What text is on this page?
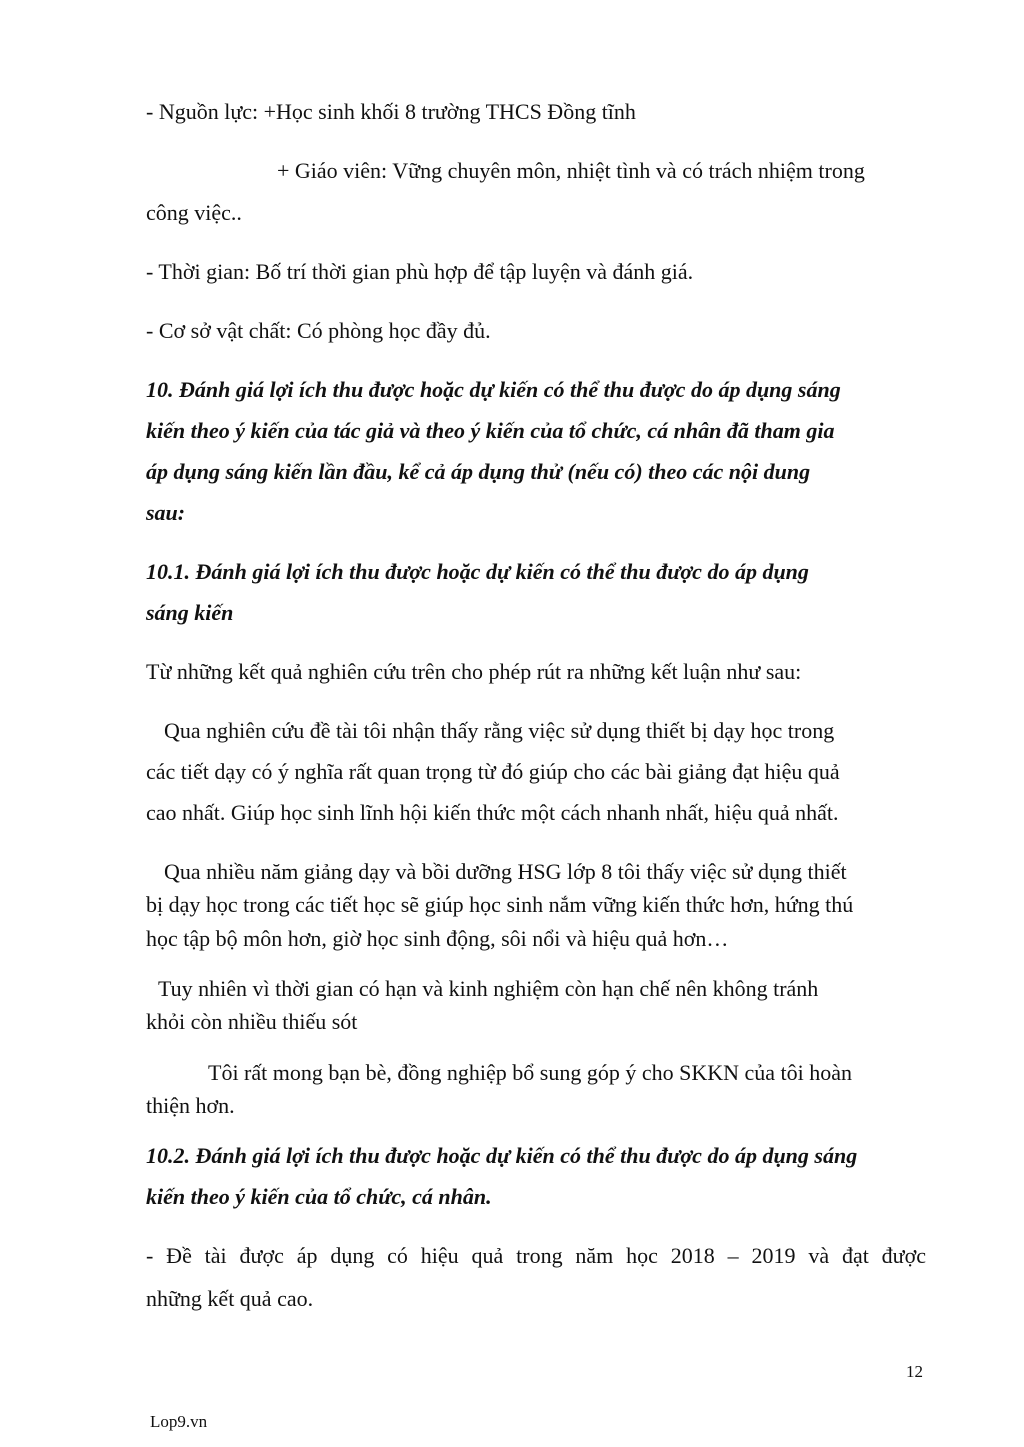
- Nguồn lực: +Học sinh khối 8 trường THCS Đồng tĩnh
+ Giáo viên: Vững chuyên môn, nhiệt tình và có trách nhiệm trong
công việc..
- Thời gian: Bố trí thời gian phù hợp để tập luyện và đánh giá.
- Cơ sở vật chất: Có phòng học đầy đủ.
10. Đánh giá lợi ích thu được hoặc dự kiến có thể thu được do áp dụng sáng
kiến theo ý kiến của tác giả và theo ý kiến của tổ chức, cá nhân đã tham gia
áp dụng sáng kiến lần đầu, kể cả áp dụng thử (nếu có) theo các nội dung
sau:
10.1. Đánh giá lợi ích thu được hoặc dự kiến có thể thu được do áp dụng
sáng kiến
Từ những kết quả nghiên cứu trên cho phép rút ra những kết luận như sau:
Qua nghiên cứu đề tài tôi nhận thấy rằng việc sử dụng thiết bị dạy học trong
các tiết dạy có ý nghĩa rất quan trọng từ đó giúp cho các bài giảng đạt hiệu quả
cao nhất. Giúp học sinh lĩnh hội kiến thức một cách nhanh nhất, hiệu quả nhất.
Qua nhiều năm giảng dạy và bồi dưỡng HSG lớp 8 tôi thấy việc sử dụng thiết
bị dạy học trong các tiết học sẽ giúp học sinh nắm vững kiến thức hơn, hứng thú
học tập bộ môn hơn, giờ học sinh động, sôi nổi và hiệu quả hơn…
Tuy nhiên vì thời gian có hạn và kinh nghiệm còn hạn chế nên không tránh
khỏi còn nhiều thiếu sót
Tôi rất mong bạn bè, đồng nghiệp bổ sung góp ý cho SKKN của tôi hoàn
thiện hơn.
10.2. Đánh giá lợi ích thu được hoặc dự kiến có thể thu được do áp dụng sáng
kiến theo ý kiến của tổ chức, cá nhân.
- Đề tài được áp dụng có hiệu quả trong năm học 2018 – 2019 và đạt được
những kết quả cao.
12
Lop9.vn
